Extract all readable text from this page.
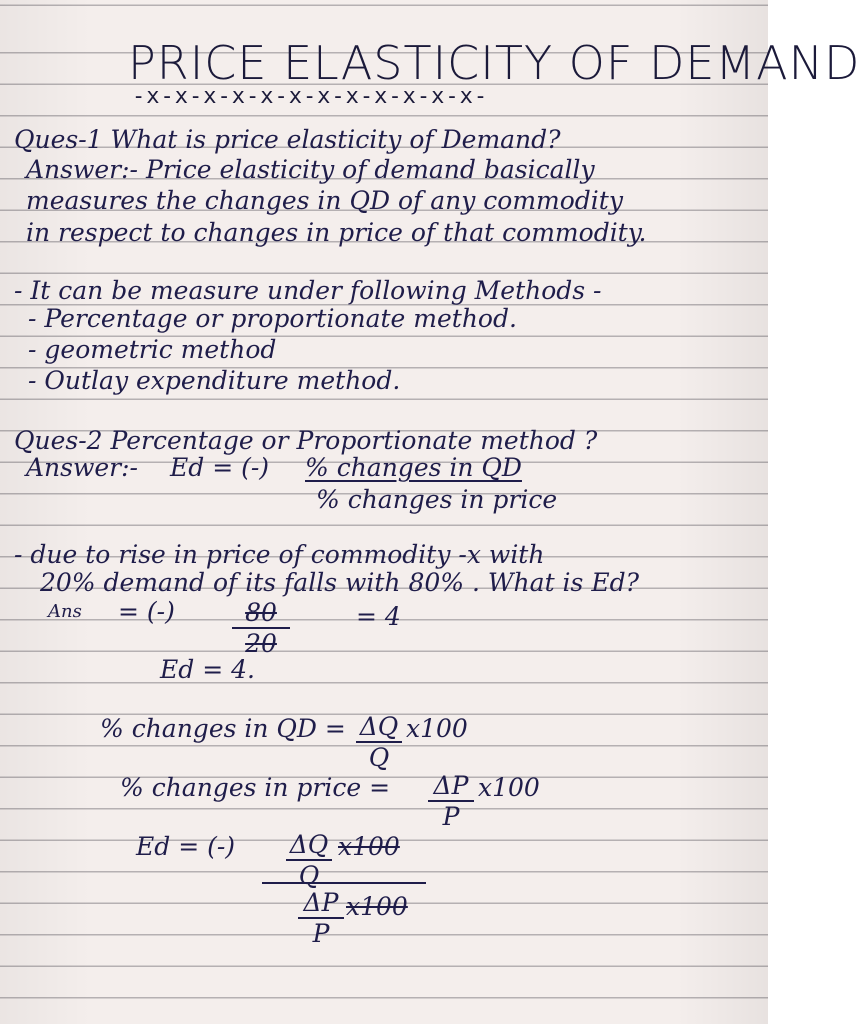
PRICE ELASTICITY OF DEMAND
-x-x-x-x-x-x-x-x-x-x-x-x-
Ques-1 What is price elasticity of Demand?
Answer:- Price elasticity of demand basically
measures the changes in QD of any commodity
in respect to changes in price of that commodity.
- It can be measure under following Methods -
- Percentage or proportionate method.
- geometric method
- Outlay expenditure method.
Ques-2 Percentage or Proportionate method ?
Answer:- Ed = (-) % changes in QD
% changes in price
- due to rise in price of commodity -x with
20% demand of its falls with 80% . What is Ed?
Ans = (-)	80
20
= 4
Ed = 4.
% changes in QD = ΔQ
Q
x100
% changes in price = ΔP
P
x100
Ed = (-) ΔQ
Q
x100
ΔP
P
x100
